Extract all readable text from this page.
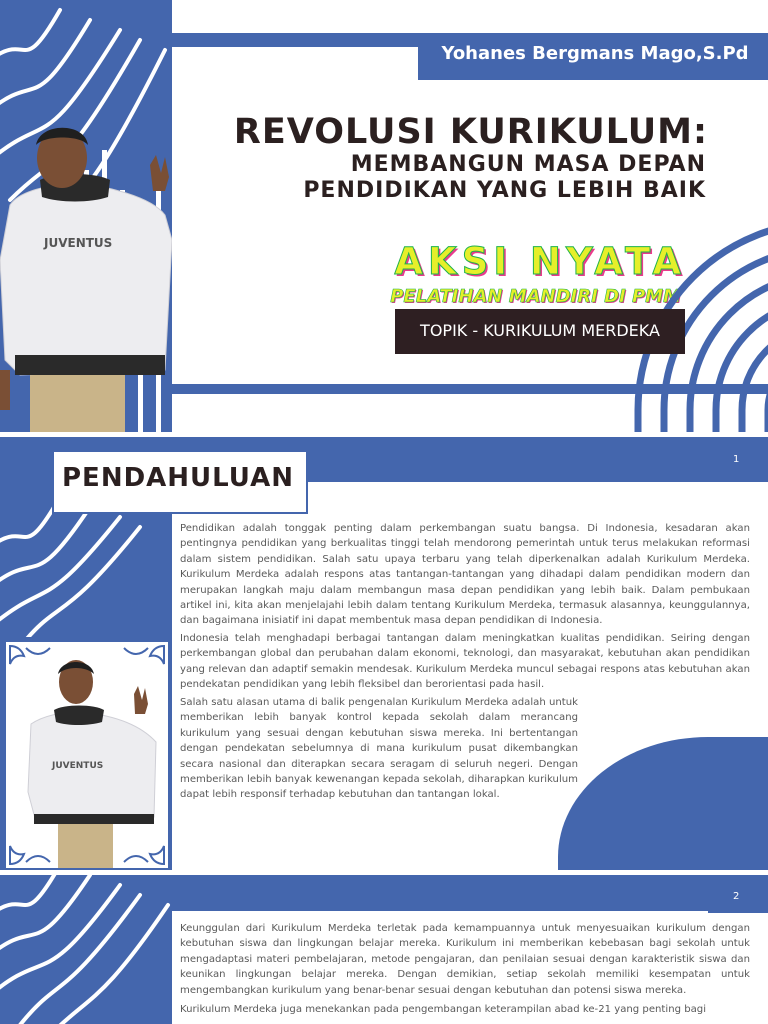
JUVENTUS
Yohanes Bergmans Mago,S.Pd
REVOLUSI KURIKULUM:
MEMBANGUN MASA DEPAN
PENDIDIKAN YANG LEBIH BAIK
AKSI NYATA
PELATIHAN MANDIRI DI PMM
TOPIK - KURIKULUM MERDEKA
1
PENDAHULUAN
JUVENTUS
Pendidikan adalah tonggak penting dalam perkembangan suatu bangsa. Di Indonesia, kesadaran akan pentingnya pendidikan yang berkualitas tinggi telah mendorong pemerintah untuk terus melakukan reformasi dalam sistem pendidikan. Salah satu upaya terbaru yang telah diperkenalkan adalah Kurikulum Merdeka. Kurikulum Merdeka adalah respons atas tantangan-tantangan yang dihadapi dalam pendidikan modern dan merupakan langkah maju dalam membangun masa depan pendidikan yang lebih baik. Dalam pembukaan artikel ini, kita akan menjelajahi lebih dalam tentang Kurikulum Merdeka, termasuk alasannya, keunggulannya, dan bagaimana inisiatif ini dapat membentuk masa depan pendidikan di Indonesia.
Indonesia telah menghadapi berbagai tantangan dalam meningkatkan kualitas pendidikan. Seiring dengan perkembangan global dan perubahan dalam ekonomi, teknologi, dan masyarakat, kebutuhan akan pendidikan yang relevan dan adaptif semakin mendesak. Kurikulum Merdeka muncul sebagai respons atas kebutuhan akan pendekatan pendidikan yang lebih fleksibel dan berorientasi pada hasil.
Salah satu alasan utama di balik pengenalan Kurikulum Merdeka adalah untuk memberikan lebih banyak kontrol kepada sekolah dalam merancang kurikulum yang sesuai dengan kebutuhan siswa mereka. Ini bertentangan dengan pendekatan sebelumnya di mana kurikulum pusat dikembangkan secara nasional dan diterapkan secara seragam di seluruh negeri. Dengan memberikan lebih banyak kewenangan kepada sekolah, diharapkan kurikulum dapat lebih responsif terhadap kebutuhan dan tantangan lokal.
2
Keunggulan dari Kurikulum Merdeka terletak pada kemampuannya untuk menyesuaikan kurikulum dengan kebutuhan siswa dan lingkungan belajar mereka. Kurikulum ini memberikan kebebasan bagi sekolah untuk mengadaptasi materi pembelajaran, metode pengajaran, dan penilaian sesuai dengan karakteristik siswa dan keunikan lingkungan belajar mereka. Dengan demikian, setiap sekolah memiliki kesempatan untuk mengembangkan kurikulum yang benar-benar sesuai dengan kebutuhan dan potensi siswa mereka.
Kurikulum Merdeka juga menekankan pada pengembangan keterampilan abad ke-21 yang penting bagi
